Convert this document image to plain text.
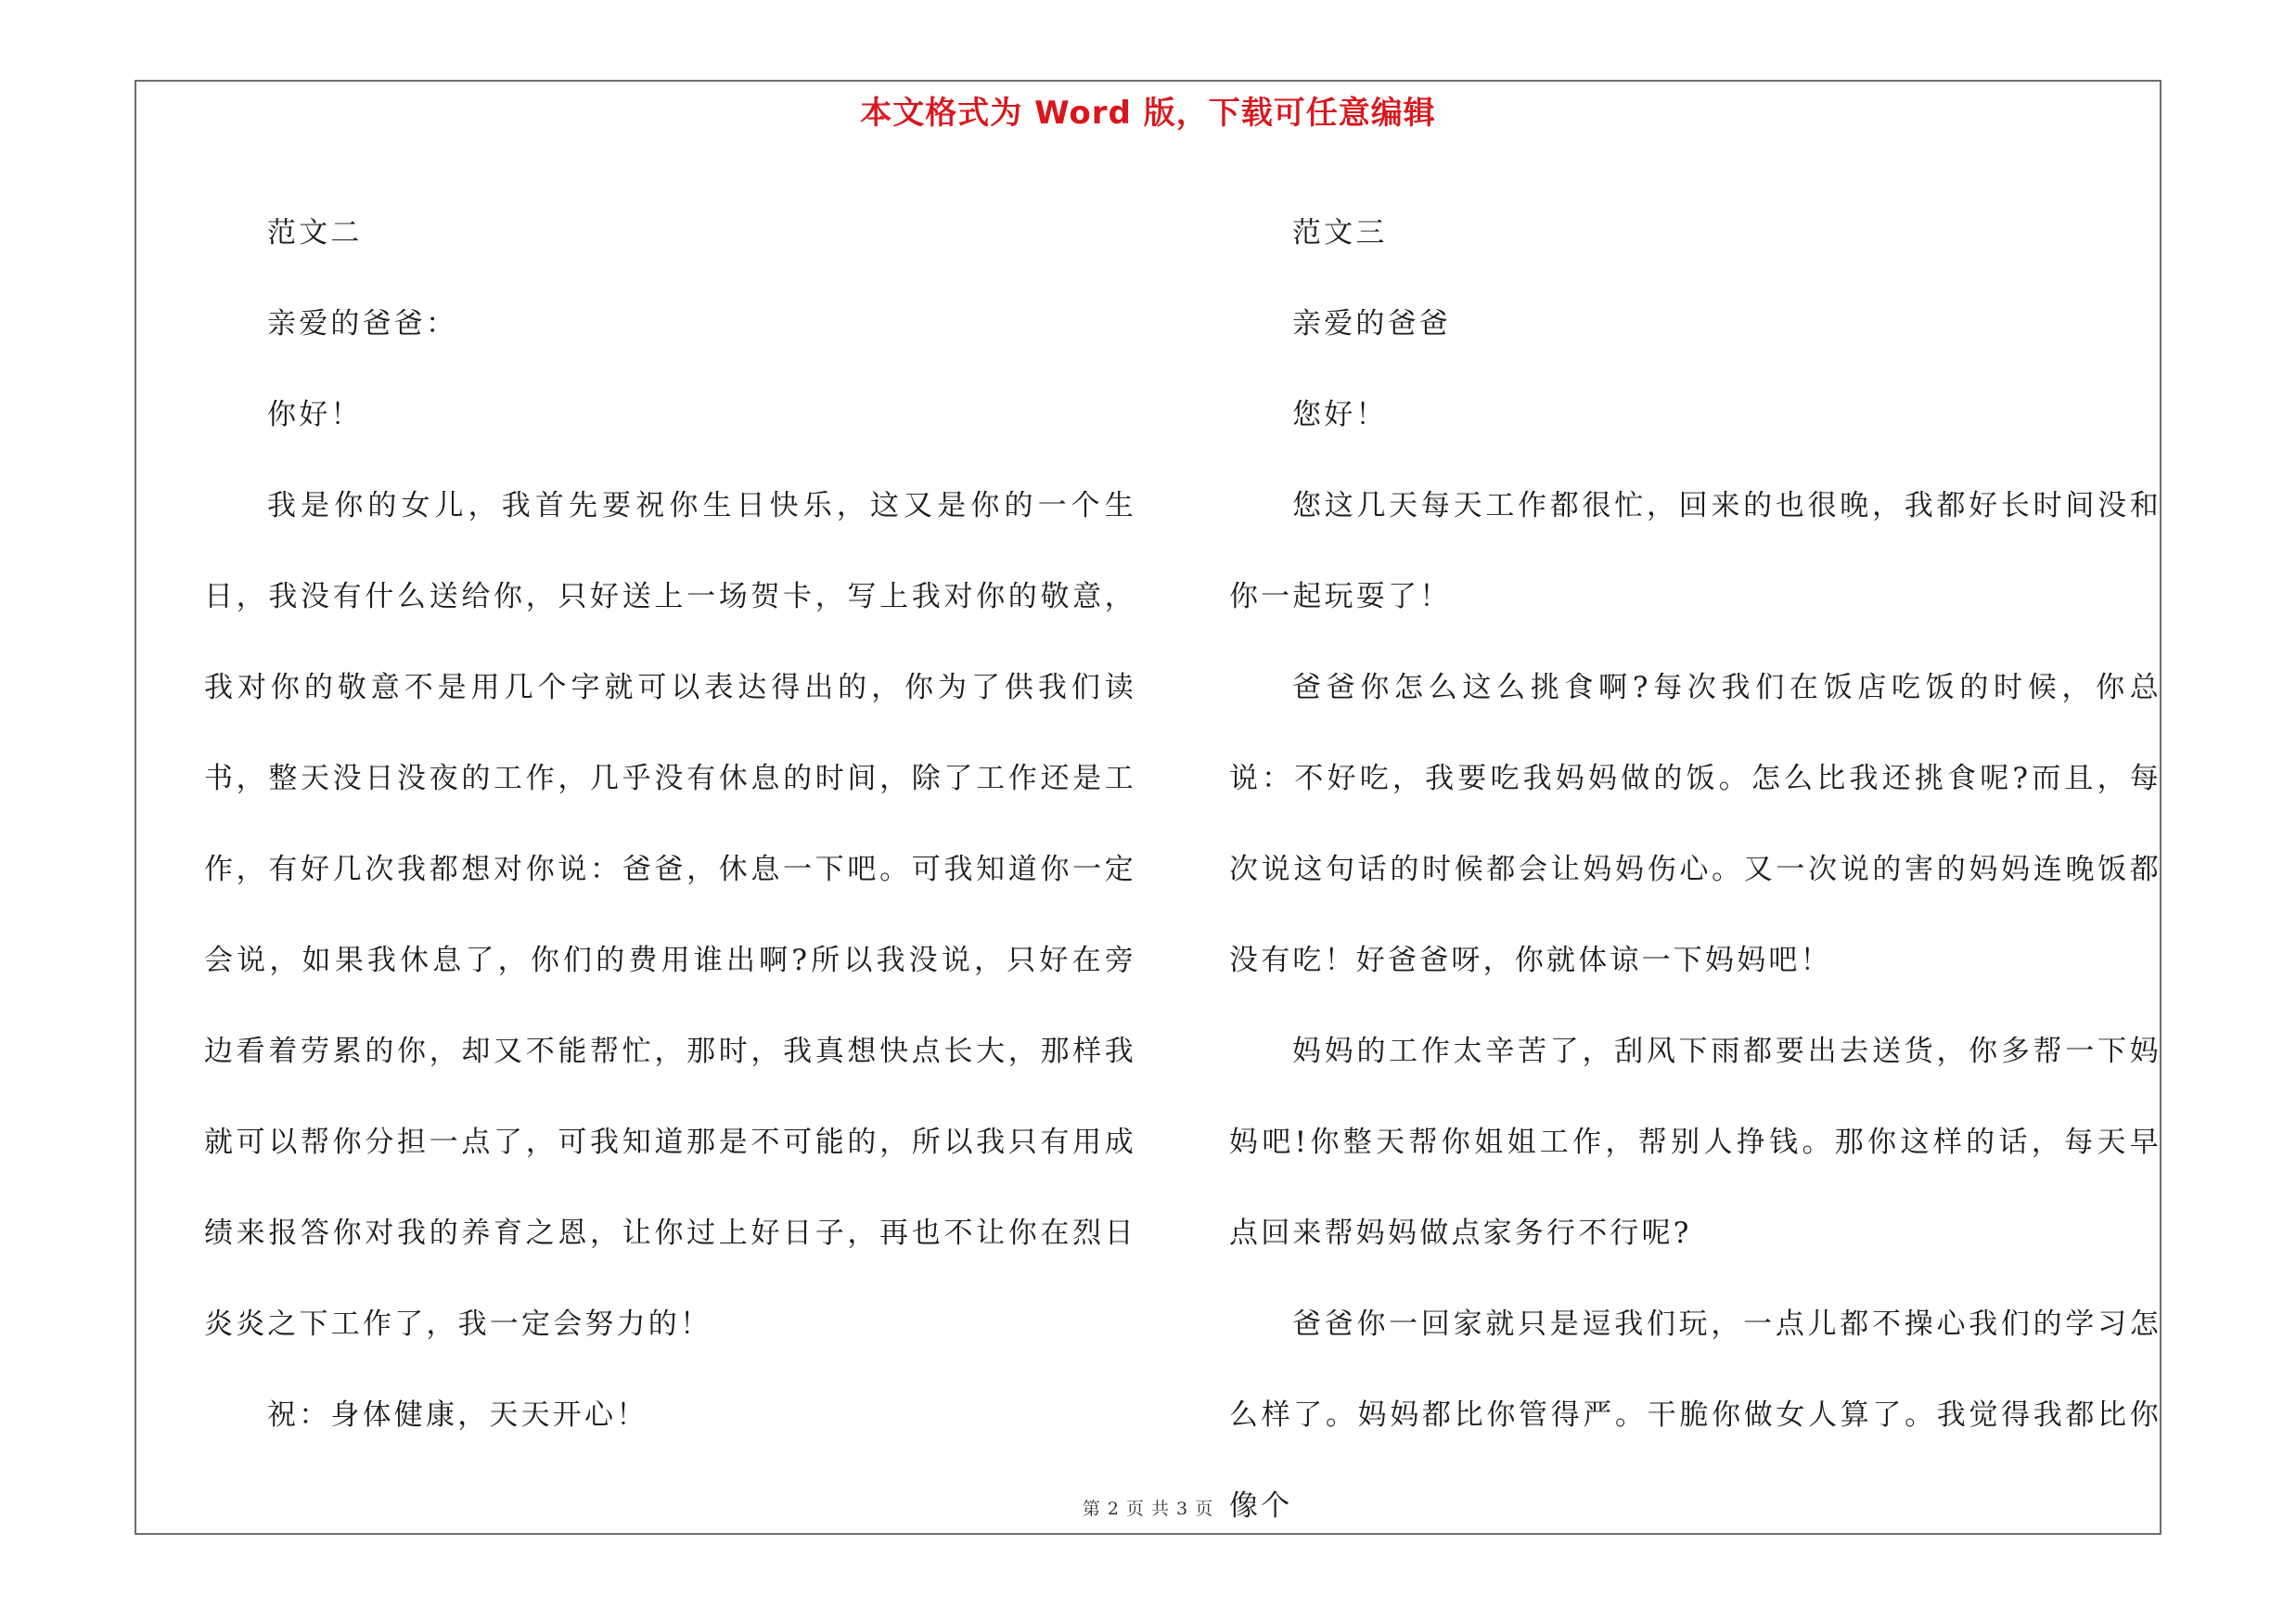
本文格式为 Word 版，下载可任意编辑

范文二

亲爱的爸爸：

你好！

我是你的女儿，我首先要祝你生日快乐，这又是你的一个生日，我没有什么送给你，只好送上一场贺卡，写上我对你的敬意，我对你的敬意不是用几个字就可以表达得出的，你为了供我们读书，整天没日没夜的工作，几乎没有休息的时间，除了工作还是工作，有好几次我都想对你说：爸爸，休息一下吧。可我知道你一定会说，如果我休息了，你们的费用谁出啊?所以我没说，只好在旁边看着劳累的你，却又不能帮忙，那时，我真想快点长大，那样我就可以帮你分担一点了，可我知道那是不可能的，所以我只有用成绩来报答你对我的养育之恩，让你过上好日子，再也不让你在烈日炎炎之下工作了，我一定会努力的！

祝：身体健康，天天开心！

范文三

亲爱的爸爸

您好！

您这几天每天工作都很忙，回来的也很晚，我都好长时间没和你一起玩耍了！

爸爸你怎么这么挑食啊?每次我们在饭店吃饭的时候，你总说：不好吃，我要吃我妈妈做的饭。怎么比我还挑食呢?而且，每次说这句话的时候都会让妈妈伤心。又一次说的害的妈妈连晚饭都没有吃！好爸爸呀，你就体谅一下妈妈吧！

妈妈的工作太辛苦了，刮风下雨都要出去送货，你多帮一下妈妈吧!你整天帮你姐姐工作，帮别人挣钱。那你这样的话，每天早点回来帮妈妈做点家务行不行呢?

爸爸你一回家就只是逗我们玩，一点儿都不操心我们的学习怎么样了。妈妈都比你管得严。干脆你做女人算了。我觉得我都比你像个

第 2 页 共 3 页
